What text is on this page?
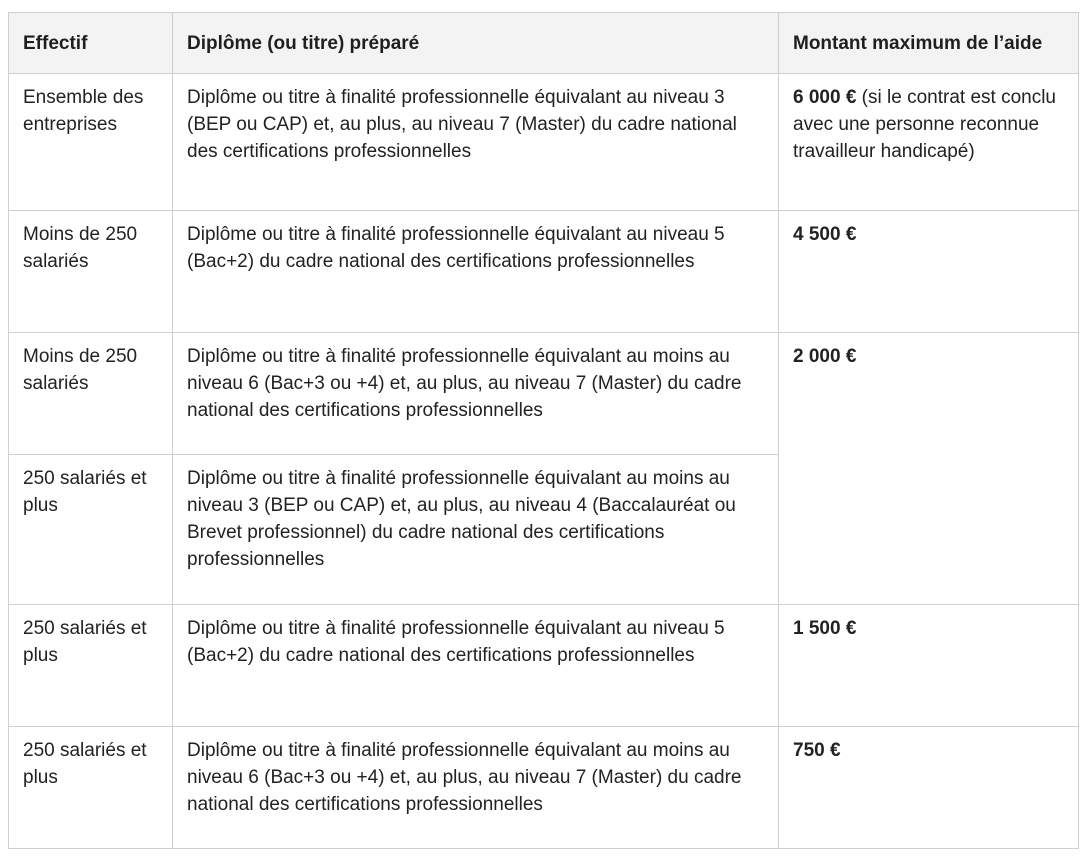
Effectif	Diplôme (ou titre) préparé	Montant maximum de l’aide
Ensemble des entreprises	Diplôme ou titre à finalité professionnelle équivalant au niveau 3 (BEP ou CAP) et, au plus, au niveau 7 (Master) du cadre national des certifications professionnelles	6 000 € (si le contrat est conclu avec une personne reconnue travailleur handicapé)
Moins de 250 salariés	Diplôme ou titre à finalité professionnelle équivalant au niveau 5 (Bac+2) du cadre national des certifications professionnelles	4 500 €
Moins de 250 salariés	Diplôme ou titre à finalité professionnelle équivalant au moins au niveau 6 (Bac+3 ou +4) et, au plus, au niveau 7 (Master) du cadre national des certifications professionnelles	2 000 €
250 salariés et plus	Diplôme ou titre à finalité professionnelle équivalant au moins au niveau 3 (BEP ou CAP) et, au plus, au niveau 4 (Baccalauréat ou Brevet professionnel) du cadre national des certifications professionnelles	
250 salariés et plus	Diplôme ou titre à finalité professionnelle équivalant au niveau 5 (Bac+2) du cadre national des certifications professionnelles	1 500 €
250 salariés et plus	Diplôme ou titre à finalité professionnelle équivalant au moins au niveau 6 (Bac+3 ou +4) et, au plus, au niveau 7 (Master) du cadre national des certifications professionnelles	750 €
